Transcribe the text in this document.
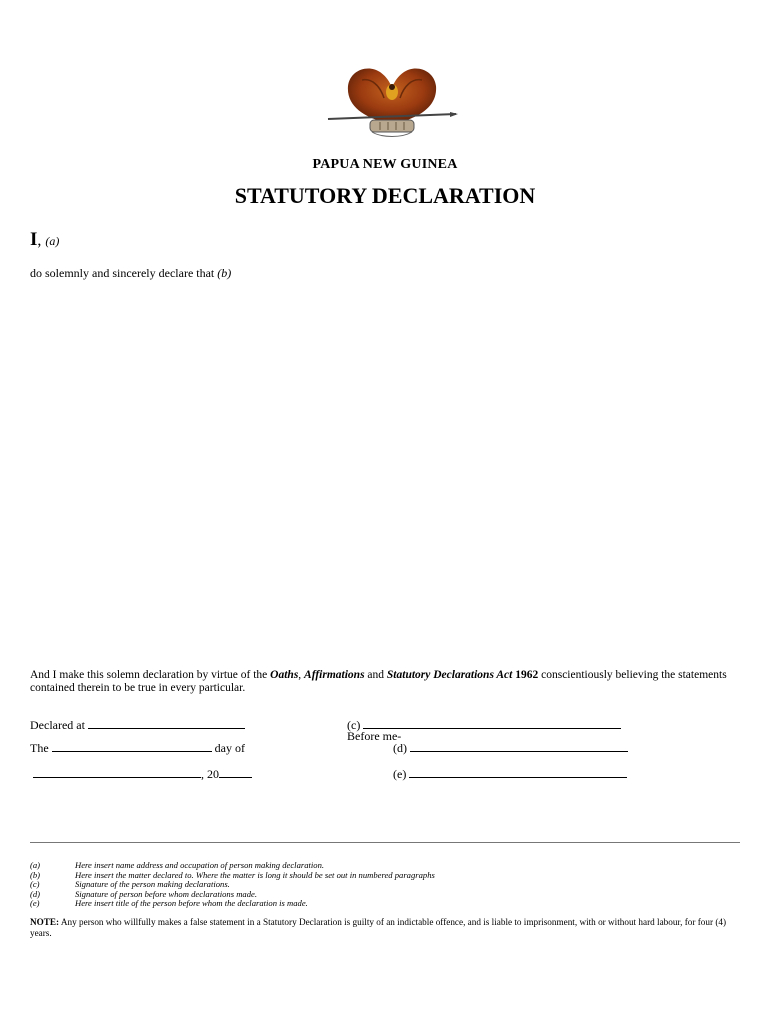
PAPUA NEW GUINEA
STATUTORY DECLARATION
I, (a)
do solemnly and sincerely declare that (b)
And I make this solemn declaration by virtue of the Oaths, Affirmations and Statutory Declarations Act 1962 conscientiously believing the statements contained therein to be true in every particular.
Declared at
The	day of
, 20
(c)
Before me-
(d)
(e)
(a)	Here insert name address and occupation of person making declaration.
(b)	Here insert the matter declared to. Where the matter is long it should be set out in numbered paragraphs
(c)	Signature of the person making declarations.
(d)	Signature of person before whom declarations made.
(e)	Here insert title of the person before whom the declaration is made.
NOTE: Any person who willfully makes a false statement in a Statutory Declaration is guilty of an indictable offence, and is liable to imprisonment, with or without hard labour, for four (4) years.
